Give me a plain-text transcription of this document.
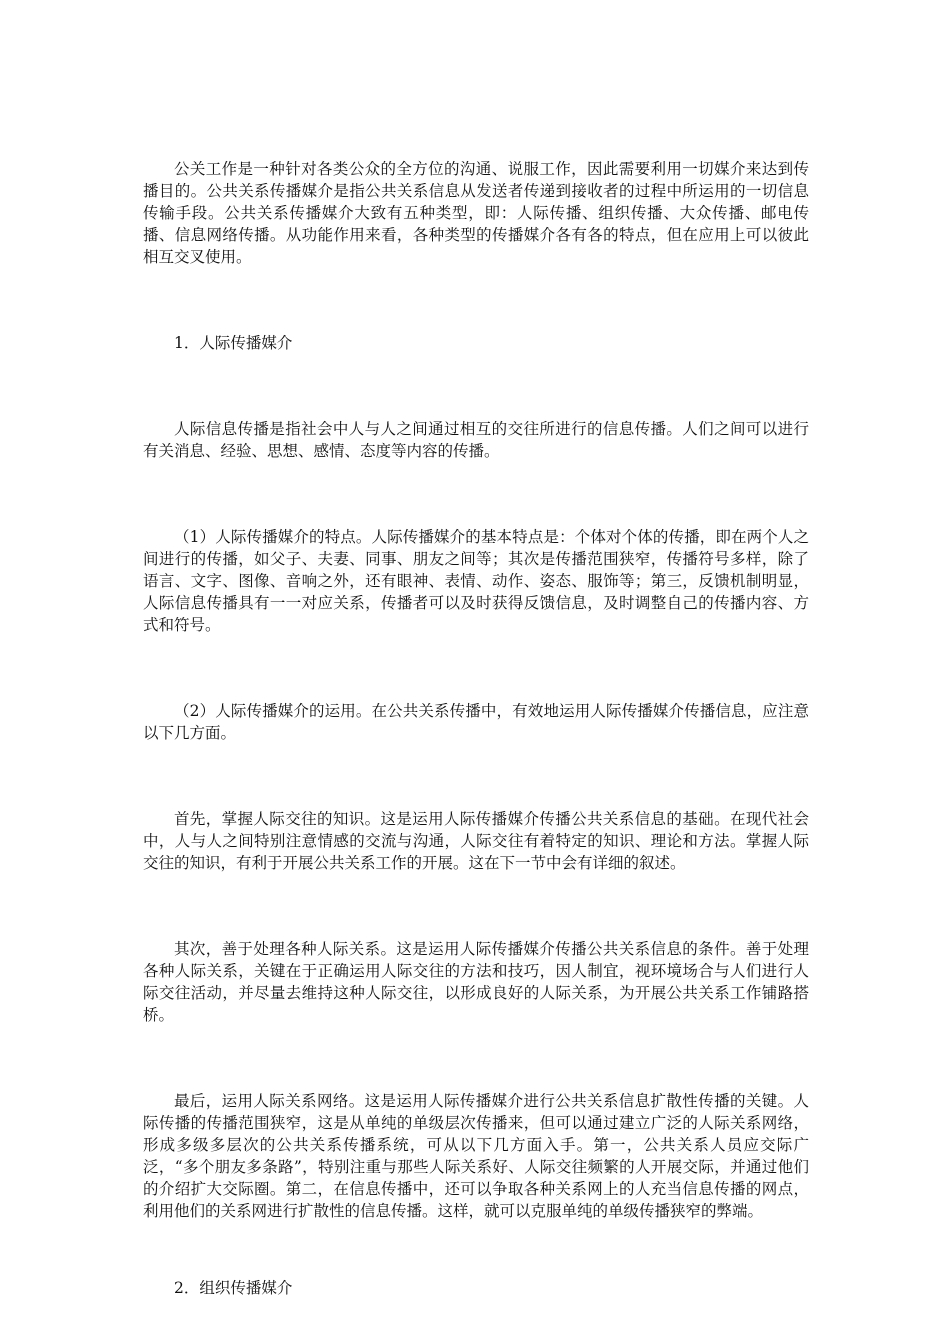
公关工作是一种针对各类公众的全方位的沟通、说服工作，因此需要利用一切媒介来达到传播目的。公共关系传播媒介是指公共关系信息从发送者传递到接收者的过程中所运用的一切信息传输手段。公共关系传播媒介大致有五种类型，即：人际传播、组织传播、大众传播、邮电传播、信息网络传播。从功能作用来看，各种类型的传播媒介各有各的特点，但在应用上可以彼此相互交叉使用。

1．人际传播媒介

人际信息传播是指社会中人与人之间通过相互的交往所进行的信息传播。人们之间可以进行有关消息、经验、思想、感情、态度等内容的传播。

（1）人际传播媒介的特点。人际传播媒介的基本特点是：个体对个体的传播，即在两个人之间进行的传播，如父子、夫妻、同事、朋友之间等；其次是传播范围狭窄，传播符号多样，除了语言、文字、图像、音响之外，还有眼神、表情、动作、姿态、服饰等；第三，反馈机制明显，人际信息传播具有一一对应关系，传播者可以及时获得反馈信息，及时调整自己的传播内容、方式和符号。

（2）人际传播媒介的运用。在公共关系传播中，有效地运用人际传播媒介传播信息，应注意以下几方面。

首先，掌握人际交往的知识。这是运用人际传播媒介传播公共关系信息的基础。在现代社会中，人与人之间特别注意情感的交流与沟通，人际交往有着特定的知识、理论和方法。掌握人际交往的知识，有利于开展公共关系工作的开展。这在下一节中会有详细的叙述。

其次，善于处理各种人际关系。这是运用人际传播媒介传播公共关系信息的条件。善于处理各种人际关系，关键在于正确运用人际交往的方法和技巧，因人制宜，视环境场合与人们进行人际交往活动，并尽量去维持这种人际交往，以形成良好的人际关系，为开展公共关系工作铺路搭桥。

最后，运用人际关系网络。这是运用人际传播媒介进行公共关系信息扩散性传播的关键。人际传播的传播范围狭窄，这是从单纯的单级层次传播来，但可以通过建立广泛的人际关系网络，形成多级多层次的公共关系传播系统，可从以下几方面入手。第一，公共关系人员应交际广泛，“多个朋友多条路”，特别注重与那些人际关系好、人际交往频繁的人开展交际，并通过他们的介绍扩大交际圈。第二，在信息传播中，还可以争取各种关系网上的人充当信息传播的网点，利用他们的关系网进行扩散性的信息传播。这样，就可以克服单纯的单级传播狭窄的弊端。

2．组织传播媒介
